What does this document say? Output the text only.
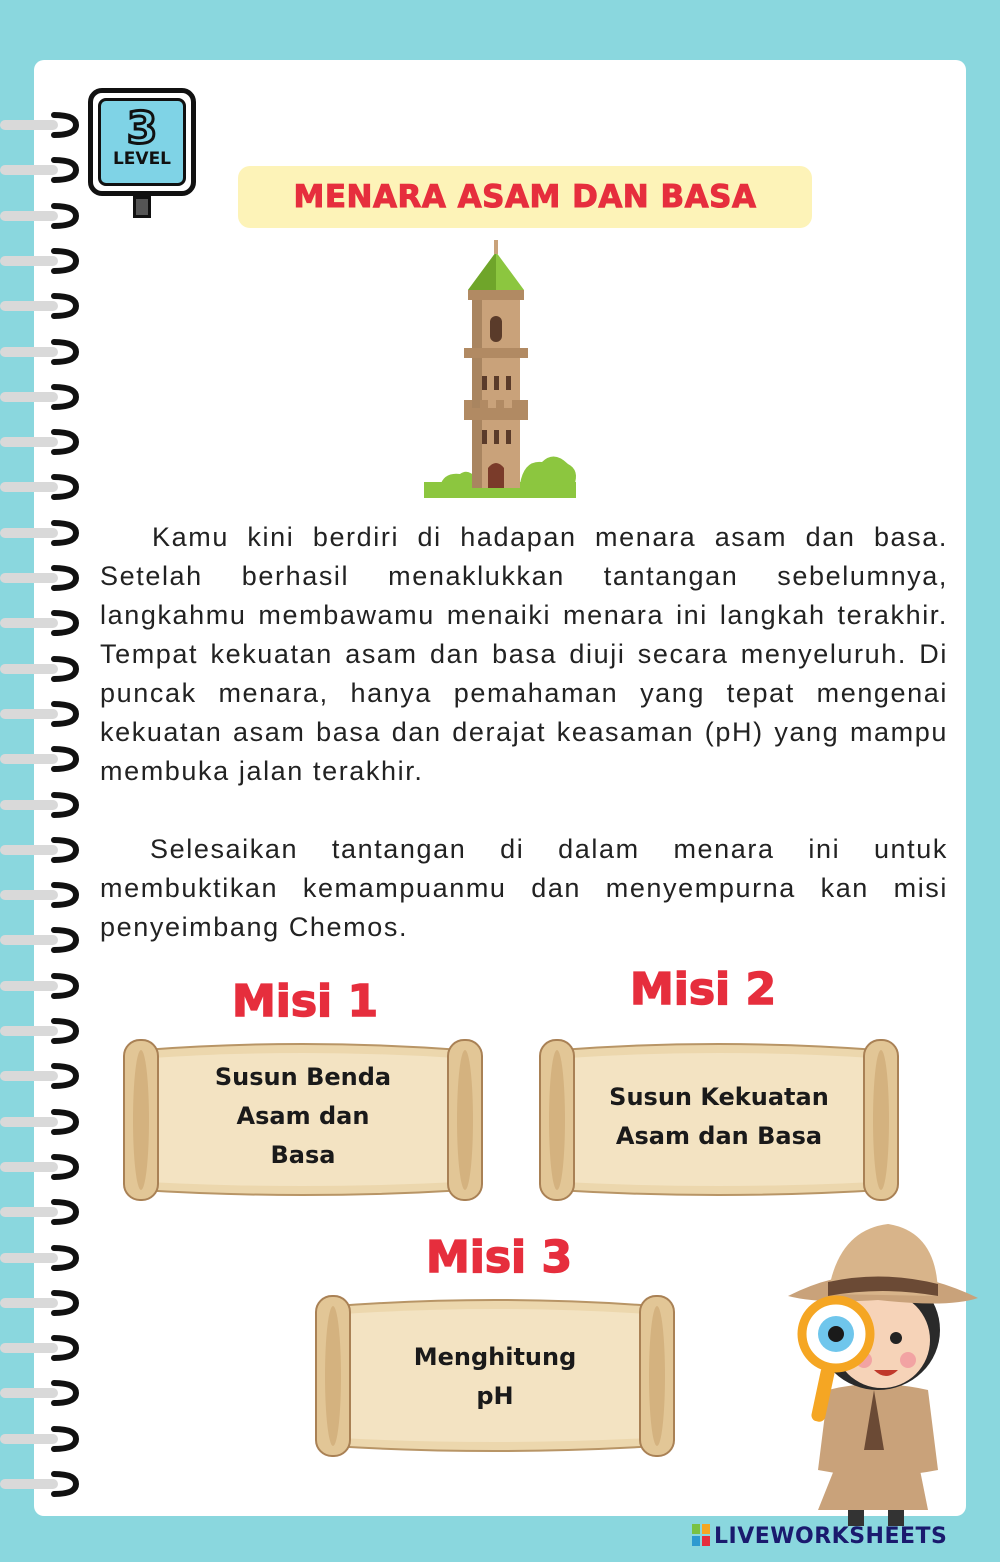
3
LEVEL
MENARA ASAM DAN BASA

Kamu kini berdiri di hadapan menara asam dan basa. Setelah berhasil menaklukkan tantangan sebelumnya, langkahmu membawamu menaiki menara ini langkah terakhir. Tempat kekuatan asam dan basa diuji secara menyeluruh. Di puncak menara, hanya pemahaman yang tepat mengenai kekuatan asam basa dan derajat keasaman (pH) yang mampu membuka jalan terakhir.

Selesaikan tantangan di dalam menara ini untuk membuktikan kemampuanmu dan menyempurna kan misi penyeimbang Chemos.

Misi 1
Susun Benda
Asam dan
Basa
Misi 2
Susun Kekuatan
Asam dan Basa
Misi 3
Menghitung
pH
LIVEWORKSHEETS
